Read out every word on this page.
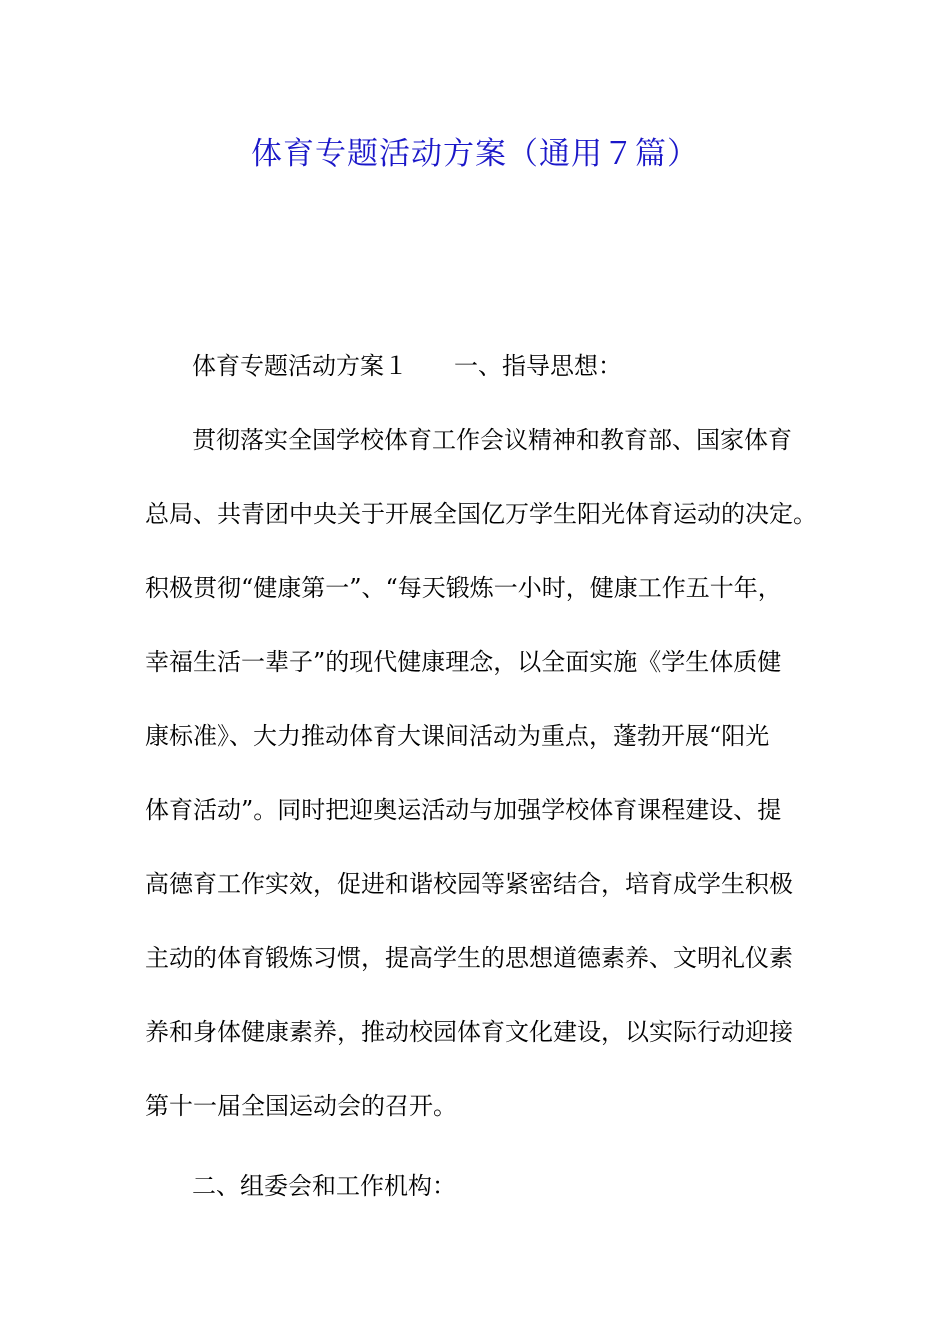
体育专题活动方案（通用７篇）

体育专题活动方案１ 一、指导思想：

贯彻落实全国学校体育工作会议精神和教育部、国家体育
总局、共青团中央关于开展全国亿万学生阳光体育运动的决定。
积极贯彻“健康第一”、“每天锻炼一小时，健康工作五十年，
幸福生活一辈子”的现代健康理念，以全面实施《学生体质健
康标准》、大力推动体育大课间活动为重点，蓬勃开展“阳光
体育活动”。同时把迎奥运活动与加强学校体育课程建设、提
高德育工作实效，促进和谐校园等紧密结合，培育成学生积极
主动的体育锻炼习惯，提高学生的思想道德素养、文明礼仪素
养和身体健康素养，推动校园体育文化建设，以实际行动迎接
第十一届全国运动会的召开。

二、组委会和工作机构：
